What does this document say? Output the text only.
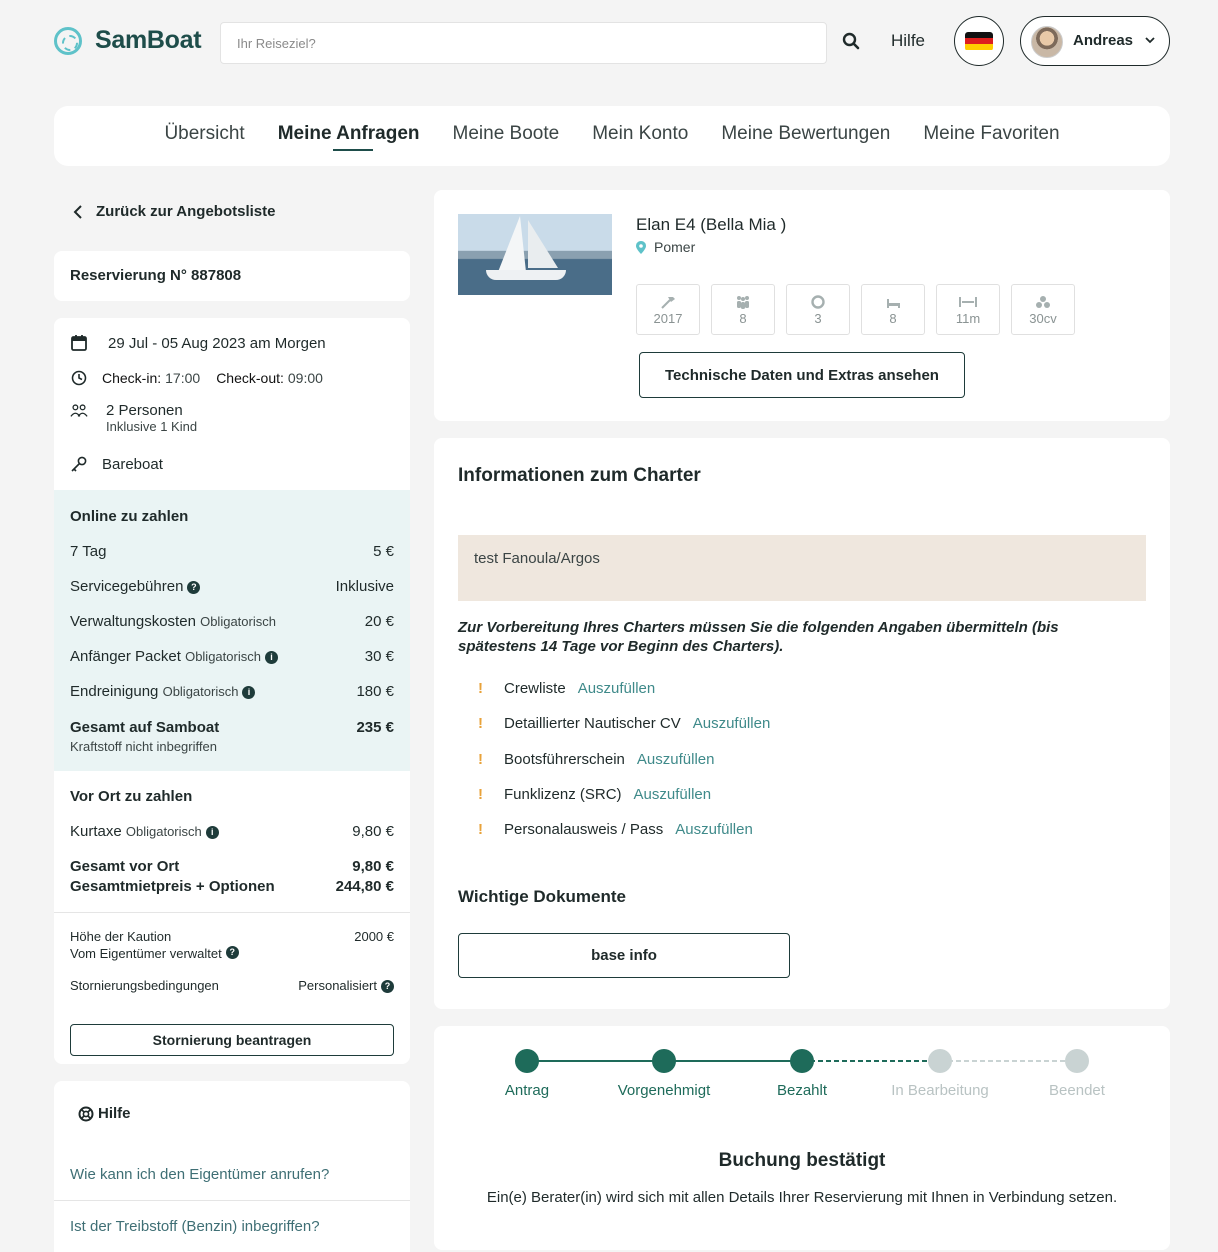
SamBoat
Ihr Reiseziel?	Hilfe	Andreas
Übersicht Meine Anfragen Meine Boote Mein Konto Meine Bewertungen Meine Favoriten
Zurück zur Angebotsliste
Reservierung N° 887808
29 Jul - 05 Aug 2023 am Morgen
Check-in: 17:00 Check-out: 09:00
2 Personen
Inklusive 1 Kind
Bareboat
Online zu zahlen
7 Tag	5 €
Servicegebühren ?	Inklusive
Verwaltungskosten Obligatorisch	20 €
Anfänger Packet Obligatorisch i	30 €
Endreinigung Obligatorisch i	180 €
Gesamt auf Samboat	235 €
Kraftstoff nicht inbegriffen
Vor Ort zu zahlen
Kurtaxe Obligatorisch i	9,80 €
Gesamt vor Ort	9,80 €
Gesamtmietpreis + Optionen	244,80 €
Höhe der Kaution	2000 €
Vom Eigentümer verwaltet ?
Stornierungsbedingungen	Personalisiert ?
Stornierung beantragen
Hilfe
Wie kann ich den Eigentümer anrufen?
Ist der Treibstoff (Benzin) inbegriffen?
Elan E4 (Bella Mia )
Pomer
2017	8	3	8	11m	30cv
Technische Daten und Extras ansehen
Informationen zum Charter
test Fanoula/Argos
Zur Vorbereitung Ihres Charters müssen Sie die folgenden Angaben übermitteln (bis spätestens 14 Tage vor Beginn des Charters).
!	Crewliste Auszufüllen
!	Detaillierter Nautischer CV Auszufüllen
!	Bootsführerschein Auszufüllen
!	Funklizenz (SRC) Auszufüllen
!	Personalausweis / Pass Auszufüllen
Wichtige Dokumente
base info
Antrag	Vorgenehmigt	Bezahlt	In Bearbeitung	Beendet
Buchung bestätigt
Ein(e) Berater(in) wird sich mit allen Details Ihrer Reservierung mit Ihnen in Verbindung setzen.
